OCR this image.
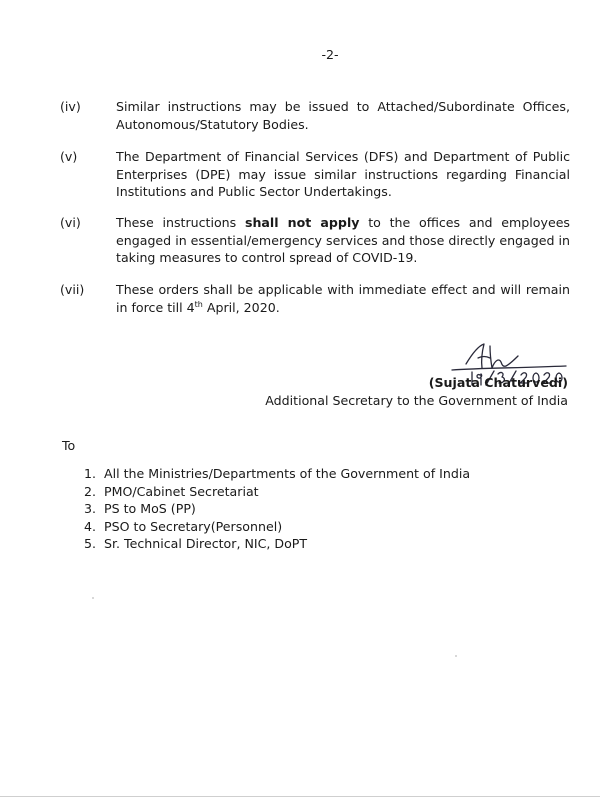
-2-
(iv)	Similar instructions may be issued to Attached/Subordinate Offices, Autonomous/Statutory Bodies.
(v)	The Department of Financial Services (DFS) and Department of Public Enterprises (DPE) may issue similar instructions regarding Financial Institutions and Public Sector Undertakings.
(vi)	These instructions shall not apply to the offices and employees engaged in essential/emergency services and those directly engaged in taking measures to control spread of COVID-19.
(vii)	These orders shall be applicable with immediate effect and will remain in force till 4th April, 2020.
(Sujata Chaturvedi)
Additional Secretary to the Government of India
To
1. All the Ministries/Departments of the Government of India
2. PMO/Cabinet Secretariat
3. PS to MoS (PP)
4. PSO to Secretary(Personnel)
5. Sr. Technical Director, NIC, DoPT
